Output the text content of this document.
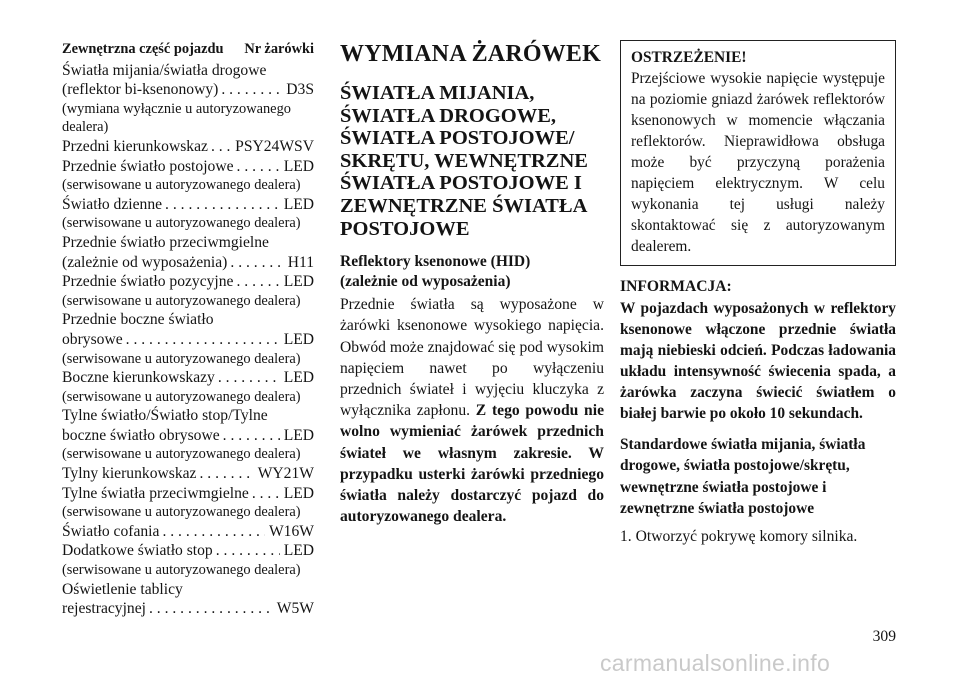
Zewnętrzna część pojazdu Nr żarówki
Światła mijania/światła drogowe
(reflektor bi-ksenonowy) . . .	D3S
(wymiana wyłącznie u autoryzowanego
dealera)
Przedni kierunkowskaz . . . PSY24WSV
Przednie światło postojowe . . .	LED
(serwisowane u autoryzowanego dealera)
Światło dzienne . . .	LED
(serwisowane u autoryzowanego dealera)
Przednie światło przeciwmgielne
(zależnie od wyposażenia) . . .	H11
Przednie światło pozycyjne . . .	LED
(serwisowane u autoryzowanego dealera)
Przednie boczne światło
obrysowe . . .	LED
(serwisowane u autoryzowanego dealera)
Boczne kierunkowskazy . . .	LED
(serwisowane u autoryzowanego dealera)
Tylne światło/Światło stop/Tylne
boczne światło obrysowe . . .	LED
(serwisowane u autoryzowanego dealera)
Tylny kierunkowskaz . . .	WY21W
Tylne światła przeciwmgielne . . . LED
(serwisowane u autoryzowanego dealera)
Światło cofania . . .	W16W
Dodatkowe światło stop . . .	LED
(serwisowane u autoryzowanego dealera)
Oświetlenie tablicy
rejestracyjnej . . .	W5W
WYMIANA ŻARÓWEK
ŚWIATŁA MIJANIA, ŚWIATŁA DROGOWE, ŚWIATŁA POSTOJOWE/ SKRĘTU, WEWNĘTRZNE ŚWIATŁA POSTOJOWE I ZEWNĘTRZNE ŚWIATŁA POSTOJOWE
Reflektory ksenonowe (HID)
(zależnie od wyposażenia)
Przednie światła są wyposażone w żarówki ksenonowe wysokiego napięcia. Obwód może znajdować się pod wysokim napięciem nawet po wyłączeniu przednich świateł i wyjęciu kluczyka z wyłącznika zapłonu. Z tego powodu nie wolno wymieniać żarówek przednich świateł we własnym zakresie. W przypadku usterki żarówki przedniego światła należy dostarczyć pojazd do autoryzowanego dealera.
OSTRZEŻENIE!
Przejściowe wysokie napięcie występuje na poziomie gniazd żarówek reflektorów ksenonowych w momencie włączania reflektorów. Nieprawidłowa obsługa może być przyczyną porażenia napięciem elektrycznym. W celu wykonania tej usługi należy skontaktować się z autoryzowanym dealerem.
INFORMACJA:
W pojazdach wyposażonych w reflektory ksenonowe włączone przednie światła mają niebieski odcień. Podczas ładowania układu intensywność świecenia spada, a żarówka zaczyna świecić światłem o białej barwie po około 10 sekundach.
Standardowe światła mijania, światła drogowe, światła postojowe/skrętu, wewnętrzne światła postojowe i zewnętrzne światła postojowe
1. Otworzyć pokrywę komory silnika.
309
carmanualsonline.info
